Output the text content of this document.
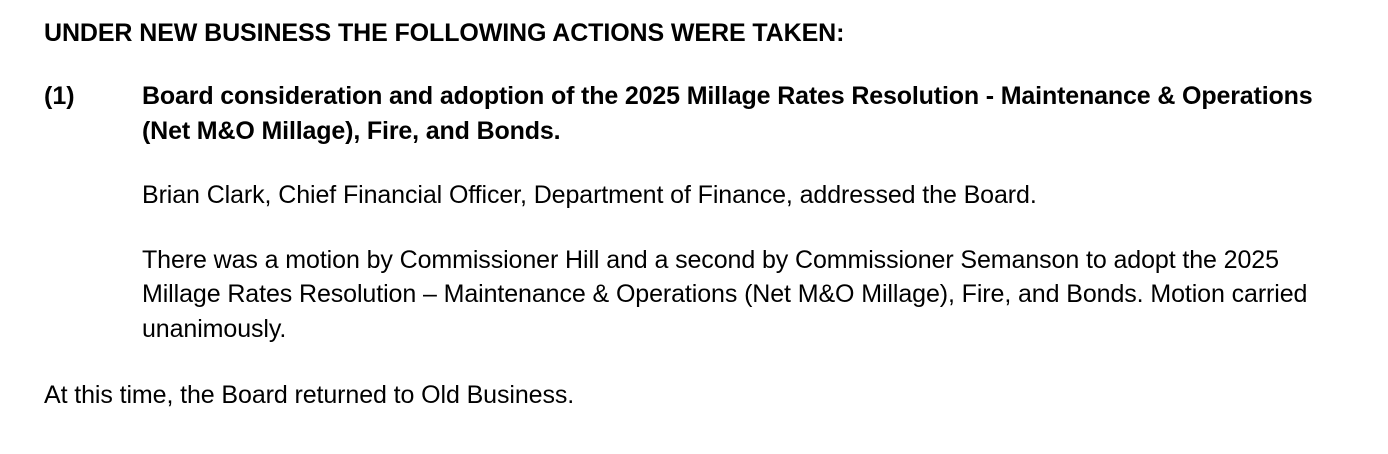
UNDER NEW BUSINESS THE FOLLOWING ACTIONS WERE TAKEN:

(1)	Board consideration and adoption of the 2025 Millage Rates Resolution - Maintenance & Operations (Net M&O Millage), Fire, and Bonds.

Brian Clark, Chief Financial Officer, Department of Finance, addressed the Board.

There was a motion by Commissioner Hill and a second by Commissioner Semanson to adopt the 2025 Millage Rates Resolution – Maintenance & Operations (Net M&O Millage), Fire, and Bonds. Motion carried unanimously.

At this time, the Board returned to Old Business.
